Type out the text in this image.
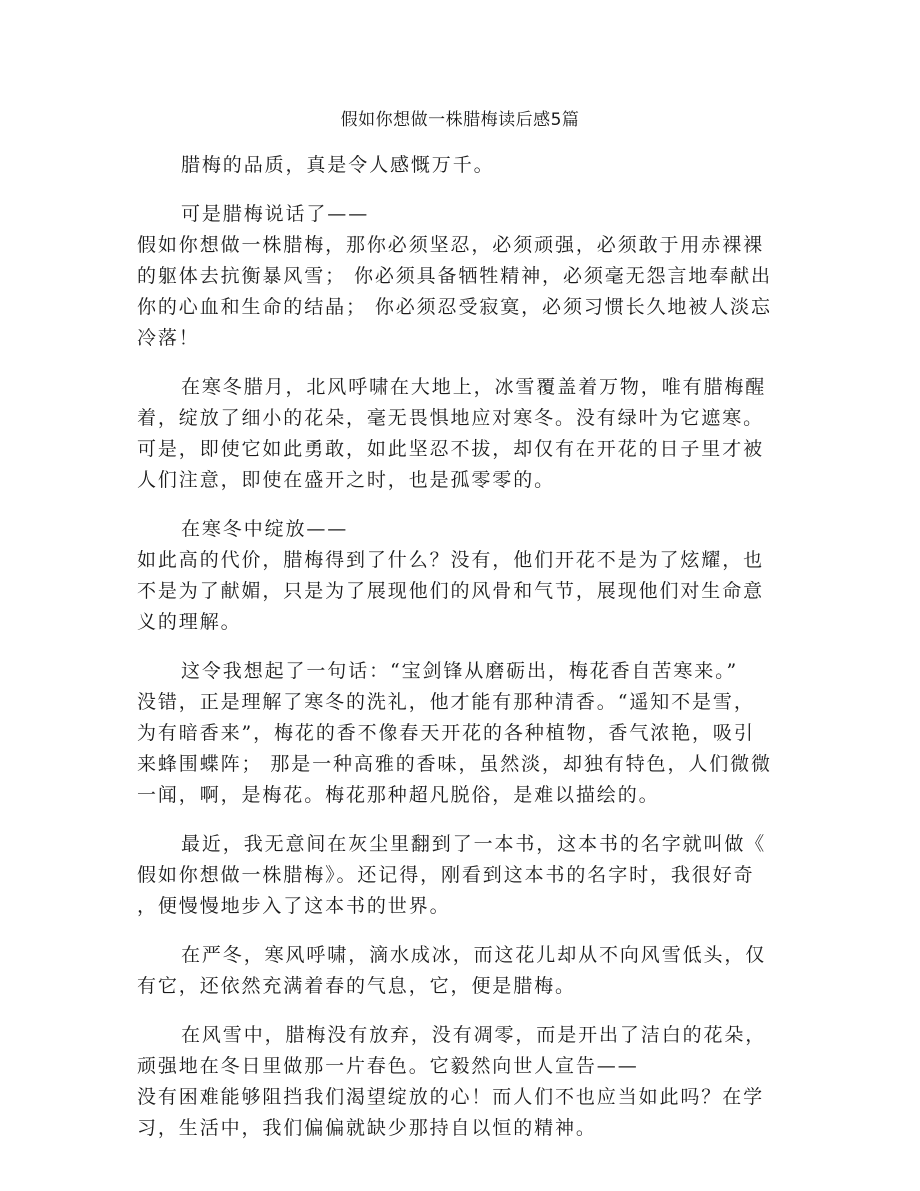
假如你想做一株腊梅读后感5篇
腊梅的品质，真是令人感慨万千。
可是腊梅说话了——
假如你想做一株腊梅，那你必须坚忍，必须顽强，必须敢于用赤裸裸
的躯体去抗衡暴风雪； 你必须具备牺牲精神，必须毫无怨言地奉献出
你的心血和生命的结晶； 你必须忍受寂寞，必须习惯长久地被人淡忘
冷落！
在寒冬腊月，北风呼啸在大地上，冰雪覆盖着万物，唯有腊梅醒
着，绽放了细小的花朵，毫无畏惧地应对寒冬。没有绿叶为它遮寒。
可是，即使它如此勇敢，如此坚忍不拔，却仅有在开花的日子里才被
人们注意，即使在盛开之时，也是孤零零的。
在寒冬中绽放——
如此高的代价，腊梅得到了什么？没有，他们开花不是为了炫耀，也
不是为了献媚，只是为了展现他们的风骨和气节，展现他们对生命意
义的理解。
这令我想起了一句话：“宝剑锋从磨砺出，梅花香自苦寒来。”
没错，正是理解了寒冬的洗礼，他才能有那种清香。“遥知不是雪，
为有暗香来”，梅花的香不像春天开花的各种植物，香气浓艳，吸引
来蜂围蝶阵； 那是一种高雅的香味，虽然淡，却独有特色，人们微微
一闻，啊，是梅花。梅花那种超凡脱俗，是难以描绘的。
最近，我无意间在灰尘里翻到了一本书，这本书的名字就叫做《
假如你想做一株腊梅》。还记得，刚看到这本书的名字时，我很好奇
，便慢慢地步入了这本书的世界。
在严冬，寒风呼啸，滴水成冰，而这花儿却从不向风雪低头，仅
有它，还依然充满着春的气息，它，便是腊梅。
在风雪中，腊梅没有放弃，没有凋零，而是开出了洁白的花朵，
顽强地在冬日里做那一片春色。它毅然向世人宣告——
没有困难能够阻挡我们渴望绽放的心！而人们不也应当如此吗？在学
习，生活中，我们偏偏就缺少那持自以恒的精神。
